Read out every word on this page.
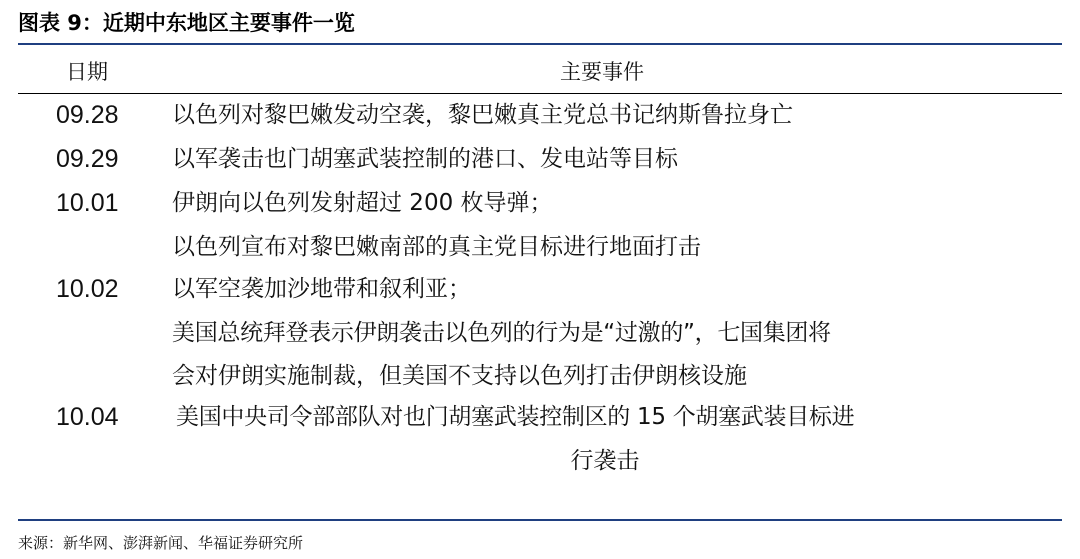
图表 9：近期中东地区主要事件一览
日期	主要事件
09.28 以色列对黎巴嫩发动空袭，黎巴嫩真主党总书记纳斯鲁拉身亡
09.29 以军袭击也门胡塞武装控制的港口、发电站等目标
10.01 伊朗向以色列发射超过 200 枚导弹；
以色列宣布对黎巴嫩南部的真主党目标进行地面打击
10.02 以军空袭加沙地带和叙利亚；
美国总统拜登表示伊朗袭击以色列的行为是“过激的”，七国集团将
会对伊朗实施制裁，但美国不支持以色列打击伊朗核设施
10.04 美国中央司令部部队对也门胡塞武装控制区的 15 个胡塞武装目标进
行袭击
来源：新华网、澎湃新闻、华福证券研究所
